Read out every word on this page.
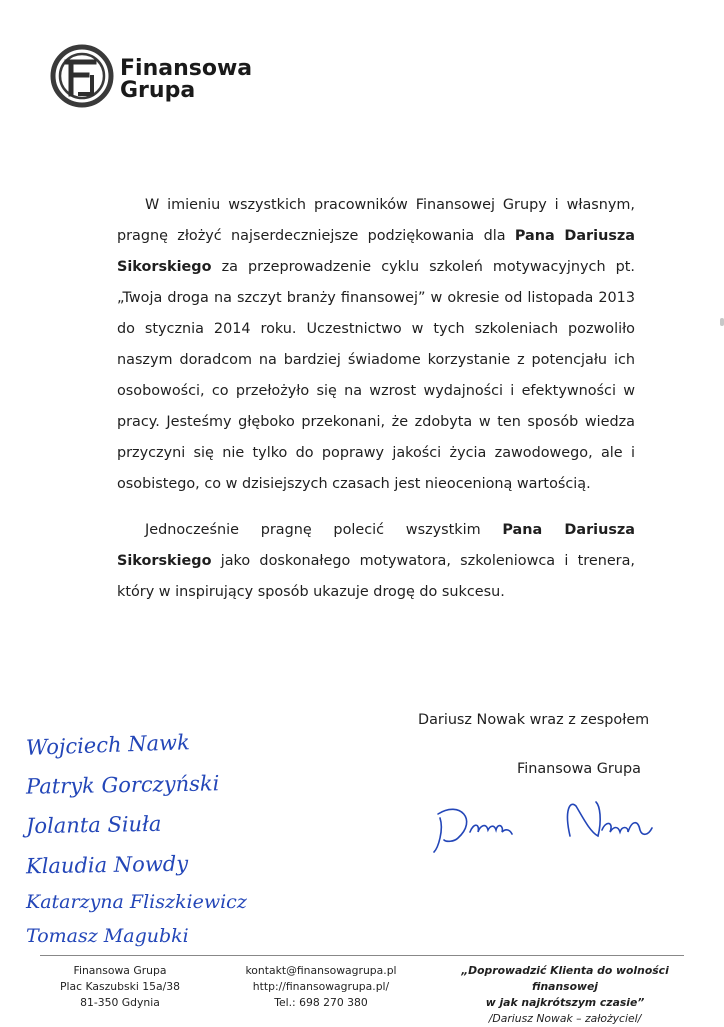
Finansowa
Grupa
W imieniu wszystkich pracowników Finansowej Grupy i własnym, pragnę złożyć najserdeczniejsze podziękowania dla Pana Dariusza Sikorskiego za przeprowadzenie cyklu szkoleń motywacyjnych pt. „Twoja droga na szczyt branży finansowej” w okresie od listopada 2013 do stycznia 2014 roku. Uczestnictwo w tych szkoleniach pozwoliło naszym doradcom na bardziej świadome korzystanie z potencjału ich osobowości, co przełożyło się na wzrost wydajności i efektywności w pracy. Jesteśmy głęboko przekonani, że zdobyta w ten sposób wiedza przyczyni się nie tylko do poprawy jakości życia zawodowego, ale i osobistego, co w dzisiejszych czasach jest nieocenioną wartością.
Jednocześnie pragnę polecić wszystkim Pana Dariusza Sikorskiego jako doskonałego motywatora, szkoleniowca i trenera, który w inspirujący sposób ukazuje drogę do sukcesu.
Dariusz Nowak wraz z zespołem
Finansowa Grupa
Wojciech Nawk
Patryk Gorczyński
Jolanta Siuła
Klaudia Nowdy
Katarzyna Fliszkiewicz
Tomasz Magubki
Finansowa Grupa
Plac Kaszubski 15a/38
81-350 Gdynia
kontakt@finansowagrupa.pl
http://finansowagrupa.pl/
Tel.: 698 270 380
„Doprowadzić Klienta do wolności finansowej
w jak najkrótszym czasie”
/Dariusz Nowak – założyciel/
